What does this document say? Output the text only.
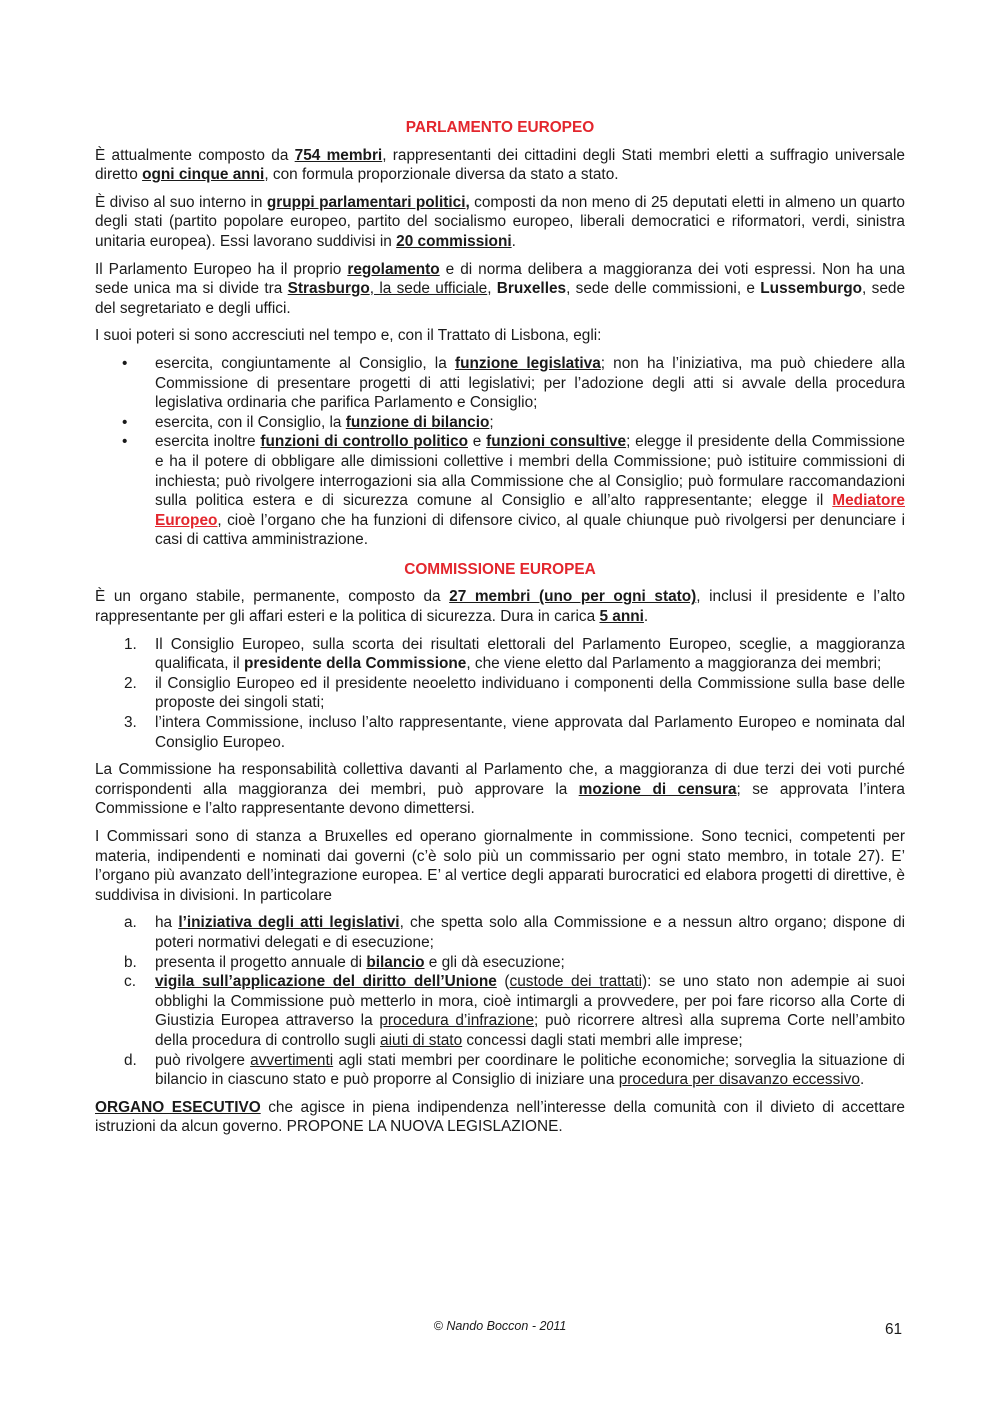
PARLAMENTO EUROPEO

È attualmente composto da 754 membri, rappresentanti dei cittadini degli Stati membri eletti a suffragio universale diretto ogni cinque anni, con formula proporzionale diversa da stato a stato.

È diviso al suo interno in gruppi parlamentari politici, composti da non meno di 25 deputati eletti in almeno un quarto degli stati (partito popolare europeo, partito del socialismo europeo, liberali democratici e riformatori, verdi, sinistra unitaria europea). Essi lavorano suddivisi in 20 commissioni.

Il Parlamento Europeo ha il proprio regolamento e di norma delibera a maggioranza dei voti espressi. Non ha una sede unica ma si divide tra Strasburgo, la sede ufficiale, Bruxelles, sede delle commissioni, e Lussemburgo, sede del segretariato e degli uffici.

I suoi poteri si sono accresciuti nel tempo e, con il Trattato di Lisbona, egli:

• esercita, congiuntamente al Consiglio, la funzione legislativa; non ha l’iniziativa, ma può chiedere alla Commissione di presentare progetti di atti legislativi; per l’adozione degli atti si avvale della procedura legislativa ordinaria che parifica Parlamento e Consiglio;
• esercita, con il Consiglio, la funzione di bilancio;
• esercita inoltre funzioni di controllo politico e funzioni consultive; elegge il presidente della Commissione e ha il potere di obbligare alle dimissioni collettive i membri della Commissione; può istituire commissioni di inchiesta; può rivolgere interrogazioni sia alla Commissione che al Consiglio; può formulare raccomandazioni sulla politica estera e di sicurezza comune al Consiglio e all’alto rappresentante; elegge il Mediatore Europeo, cioè l’organo che ha funzioni di difensore civico, al quale chiunque può rivolgersi per denunciare i casi di cattiva amministrazione.
COMMISSIONE EUROPEA

È un organo stabile, permanente, composto da 27 membri (uno per ogni stato), inclusi il presidente e l’alto rappresentante per gli affari esteri e la politica di sicurezza. Dura in carica 5 anni.

1. Il Consiglio Europeo, sulla scorta dei risultati elettorali del Parlamento Europeo, sceglie, a maggioranza qualificata, il presidente della Commissione, che viene eletto dal Parlamento a maggioranza dei membri;
2. il Consiglio Europeo ed il presidente neoeletto individuano i componenti della Commissione sulla base delle proposte dei singoli stati;
3. l’intera Commissione, incluso l’alto rappresentante, viene approvata dal Parlamento Europeo e nominata dal Consiglio Europeo.

La Commissione ha responsabilità collettiva davanti al Parlamento che, a maggioranza di due terzi dei voti purché corrispondenti alla maggioranza dei membri, può approvare la mozione di censura; se approvata l’intera Commissione e l’alto rappresentante devono dimettersi.

I Commissari sono di stanza a Bruxelles ed operano giornalmente in commissione. Sono tecnici, competenti per materia, indipendenti e nominati dai governi (c’è solo più un commissario per ogni stato membro, in totale 27). E’ l’organo più avanzato dell’integrazione europea. E’ al vertice degli apparati burocratici ed elabora progetti di direttive, è suddivisa in divisioni. In particolare

a. ha l’iniziativa degli atti legislativi, che spetta solo alla Commissione e a nessun altro organo; dispone di poteri normativi delegati e di esecuzione;
b. presenta il progetto annuale di bilancio e gli dà esecuzione;
c. vigila sull’applicazione del diritto dell’Unione (custode dei trattati): se uno stato non adempie ai suoi obblighi la Commissione può metterlo in mora, cioè intimargli a provvedere, per poi fare ricorso alla Corte di Giustizia Europea attraverso la procedura d’infrazione; può ricorrere altresì alla suprema Corte nell’ambito della procedura di controllo sugli aiuti di stato concessi dagli stati membri alle imprese;
d. può rivolgere avvertimenti agli stati membri per coordinare le politiche economiche; sorveglia la situazione di bilancio in ciascuno stato e può proporre al Consiglio di iniziare una procedura per disavanzo eccessivo.

ORGANO ESECUTIVO che agisce in piena indipendenza nell’interesse della comunità con il divieto di accettare istruzioni da alcun governo. PROPONE LA NUOVA LEGISLAZIONE.

© Nando Boccon - 2011	61
